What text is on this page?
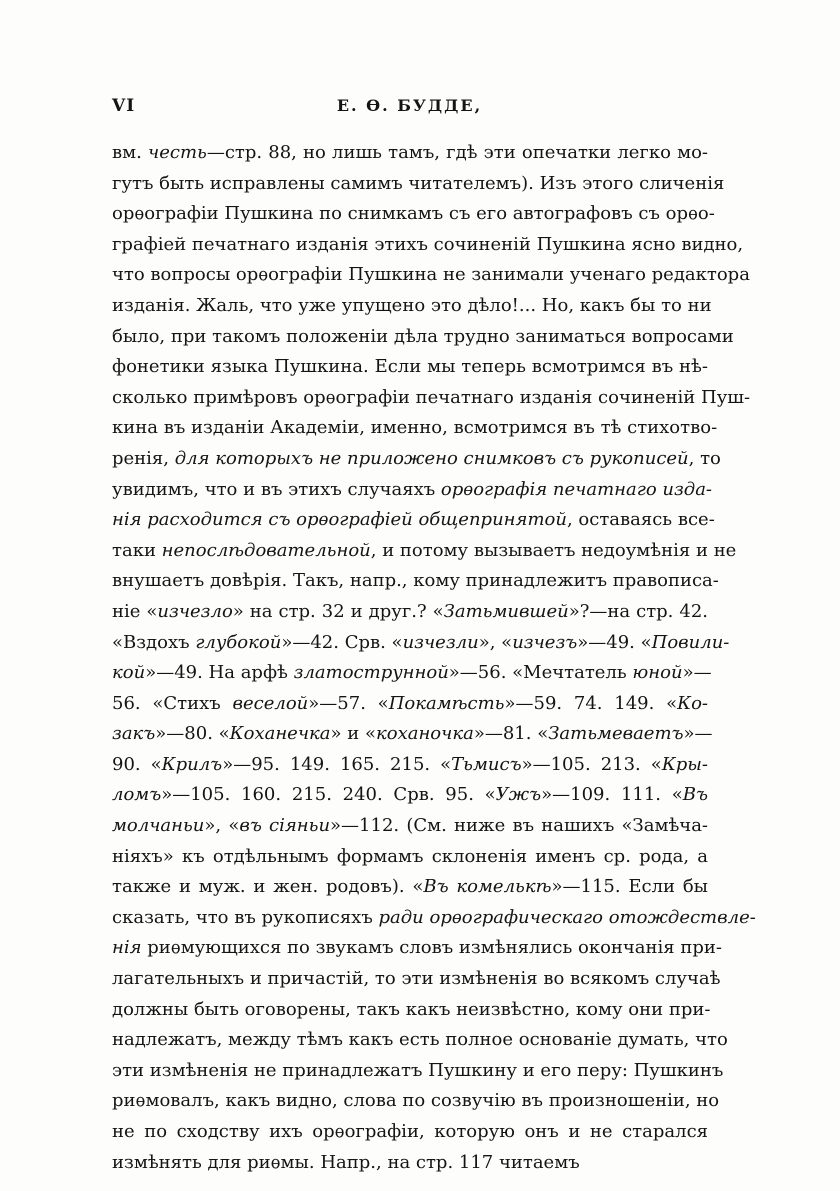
VI	Е. Ѳ. БУДДЕ,
вм. честь—стр. 88, но лишь тамъ, гдѣ эти опечатки легко мо-
гутъ быть исправлены самимъ читателемъ). Изъ этого сличенія
орѳографіи Пушкина по снимкамъ съ его автографовъ съ орѳо-
графіей печатнаго изданія этихъ сочиненій Пушкина ясно видно,
что вопросы орѳографіи Пушкина не занимали ученаго редактора
изданія. Жаль, что уже упущено это дѣло!... Но, какъ бы то ни
было, при такомъ положеніи дѣла трудно заниматься вопросами
фонетики языка Пушкина. Если мы теперь всмотримся въ нѣ-
сколько примѣровъ орѳографіи печатнаго изданія сочиненій Пуш-
кина въ изданіи Академіи, именно, всмотримся въ тѣ стихотво-
ренія, для которыхъ не приложено снимковъ съ рукописей, то
увидимъ, что и въ этихъ случаяхъ орѳографія печатнаго изда-
нія расходится съ орѳографіей общепринятой, оставаясь все-
таки непослѣдовательной, и потому вызываетъ недоумѣнія и не
внушаетъ довѣрія. Такъ, напр., кому принадлежитъ правописа-
ніе «изчезло» на стр. 32 и друг.? «Затьмившей»?—на стр. 42.
«Вздохъ глубокой»—42. Срв. «изчезли», «изчезъ»—49. «Повили-
кой»—49. На арфѣ златострунной»—56. «Мечтатель юной»—
56. «Стихъ веселой»—57. «Покамѣсть»—59. 74. 149. «Ко-
закъ»—80. «Коханечка» и «коханочка»—81. «Затьмеваетъ»—
90. «Крилъ»—95. 149. 165. 215. «Тьмисъ»—105. 213. «Кры-
ломъ»—105. 160. 215. 240. Срв. 95. «Ужъ»—109. 111. «Въ
молчаньи», «въ сіяньи»—112. (См. ниже въ нашихъ «Замѣча-
ніяхъ» къ отдѣльнымъ формамъ склоненія именъ ср. рода, а
также и муж. и жен. родовъ). «Въ комелькѣ»—115. Если бы
сказать, что въ рукописяхъ ради орѳографическаго отождествле-
нія риѳмующихся по звукамъ словъ измѣнялись окончанія при-
лагательныхъ и причастій, то эти измѣненія во всякомъ случаѣ
должны быть оговорены, такъ какъ неизвѣстно, кому они при-
надлежатъ, между тѣмъ какъ есть полное основаніе думать, что
эти измѣненія не принадлежатъ Пушкину и его перу: Пушкинъ
риѳмовалъ, какъ видно, слова по созвучію въ произношеніи, но
не по сходству ихъ орѳографіи, которую онъ и не старался
измѣнять для риѳмы. Напр., на стр. 117 читаемъ
